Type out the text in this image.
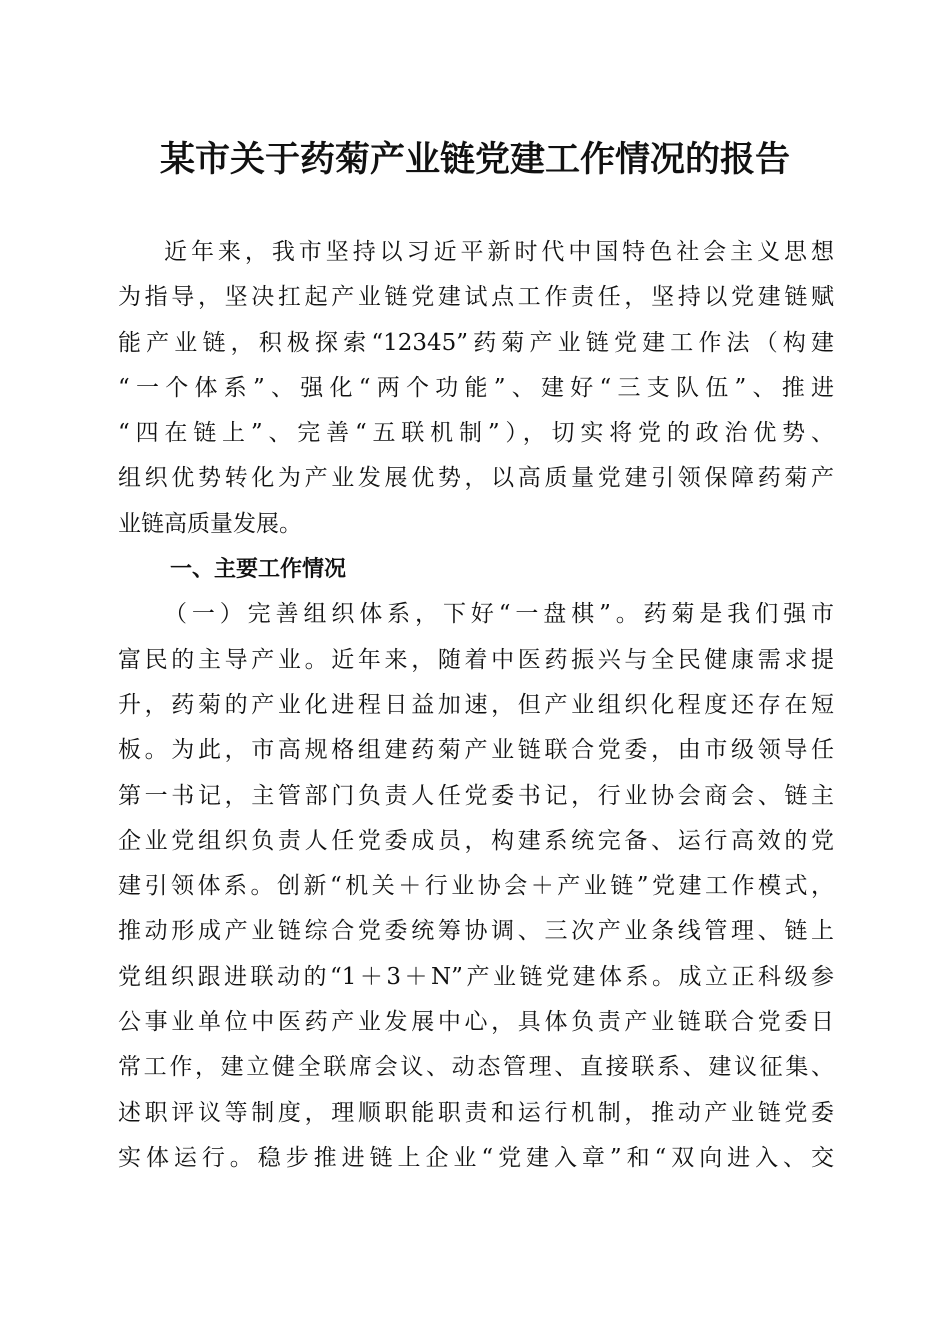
某市关于药菊产业链党建工作情况的报告
近年来，我市坚持以习近平新时代中国特色社会主义思想
为指导，坚决扛起产业链党建试点工作责任，坚持以党建链赋
能产业链，积极探索“12345”药菊产业链党建工作法（构建
“一个体系”、强化“两个功能”、建好“三支队伍”、推进
“四在链上”、完善“五联机制”），切实将党的政治优势、
组织优势转化为产业发展优势，以高质量党建引领保障药菊产
业链高质量发展。
一、主要工作情况
（一）完善组织体系，下好“一盘棋”。药菊是我们强市
富民的主导产业。近年来，随着中医药振兴与全民健康需求提
升，药菊的产业化进程日益加速，但产业组织化程度还存在短
板。为此，市高规格组建药菊产业链联合党委，由市级领导任
第一书记，主管部门负责人任党委书记，行业协会商会、链主
企业党组织负责人任党委成员，构建系统完备、运行高效的党
建引领体系。创新“机关＋行业协会＋产业链”党建工作模式，
推动形成产业链综合党委统筹协调、三次产业条线管理、链上
党组织跟进联动的“1＋3＋N”产业链党建体系。成立正科级参
公事业单位中医药产业发展中心，具体负责产业链联合党委日
常工作，建立健全联席会议、动态管理、直接联系、建议征集、
述职评议等制度，理顺职能职责和运行机制，推动产业链党委
实体运行。稳步推进链上企业“党建入章”和“双向进入、交
